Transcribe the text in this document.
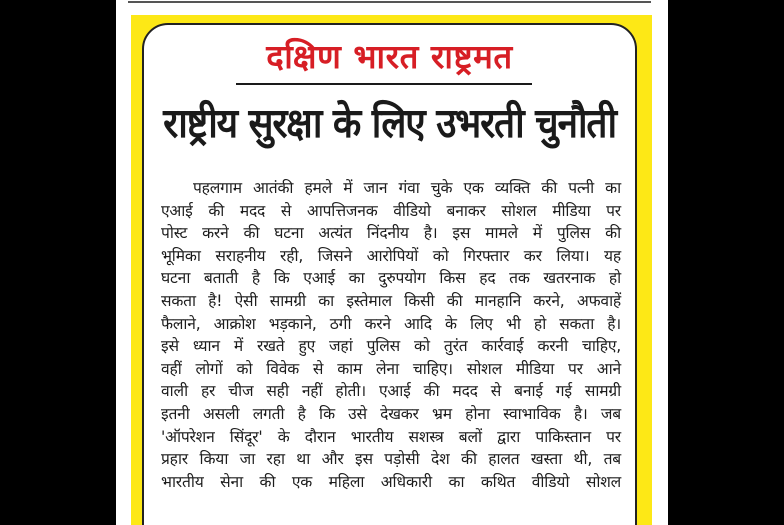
दक्षिण भारत राष्ट्रमत
राष्ट्रीय सुरक्षा के लिए उभरती चुनौती
पहलगाम आतंकी हमले में जान गंवा चुके एक व्यक्ति की पत्नी का
एआई की मदद से आपत्तिजनक वीडियो बनाकर सोशल मीडिया पर
पोस्ट करने की घटना अत्यंत निंदनीय है। इस मामले में पुलिस की
भूमिका सराहनीय रही, जिसने आरोपियों को गिरफ्तार कर लिया। यह
घटना बताती है कि एआई का दुरुपयोग किस हद तक खतरनाक हो
सकता है! ऐसी सामग्री का इस्तेमाल किसी की मानहानि करने, अफवाहें
फैलाने, आक्रोश भड़काने, ठगी करने आदि के लिए भी हो सकता है।
इसे ध्यान में रखते हुए जहां पुलिस को तुरंत कार्रवाई करनी चाहिए,
वहीं लोगों को विवेक से काम लेना चाहिए। सोशल मीडिया पर आने
वाली हर चीज सही नहीं होती। एआई की मदद से बनाई गई सामग्री
इतनी असली लगती है कि उसे देखकर भ्रम होना स्वाभाविक है। जब
'ऑपरेशन सिंदूर' के दौरान भारतीय सशस्त्र बलों द्वारा पाकिस्तान पर
प्रहार किया जा रहा था और इस पड़ोसी देश की हालत खस्ता थी, तब
भारतीय सेना की एक महिला अधिकारी का कथित वीडियो सोशल
